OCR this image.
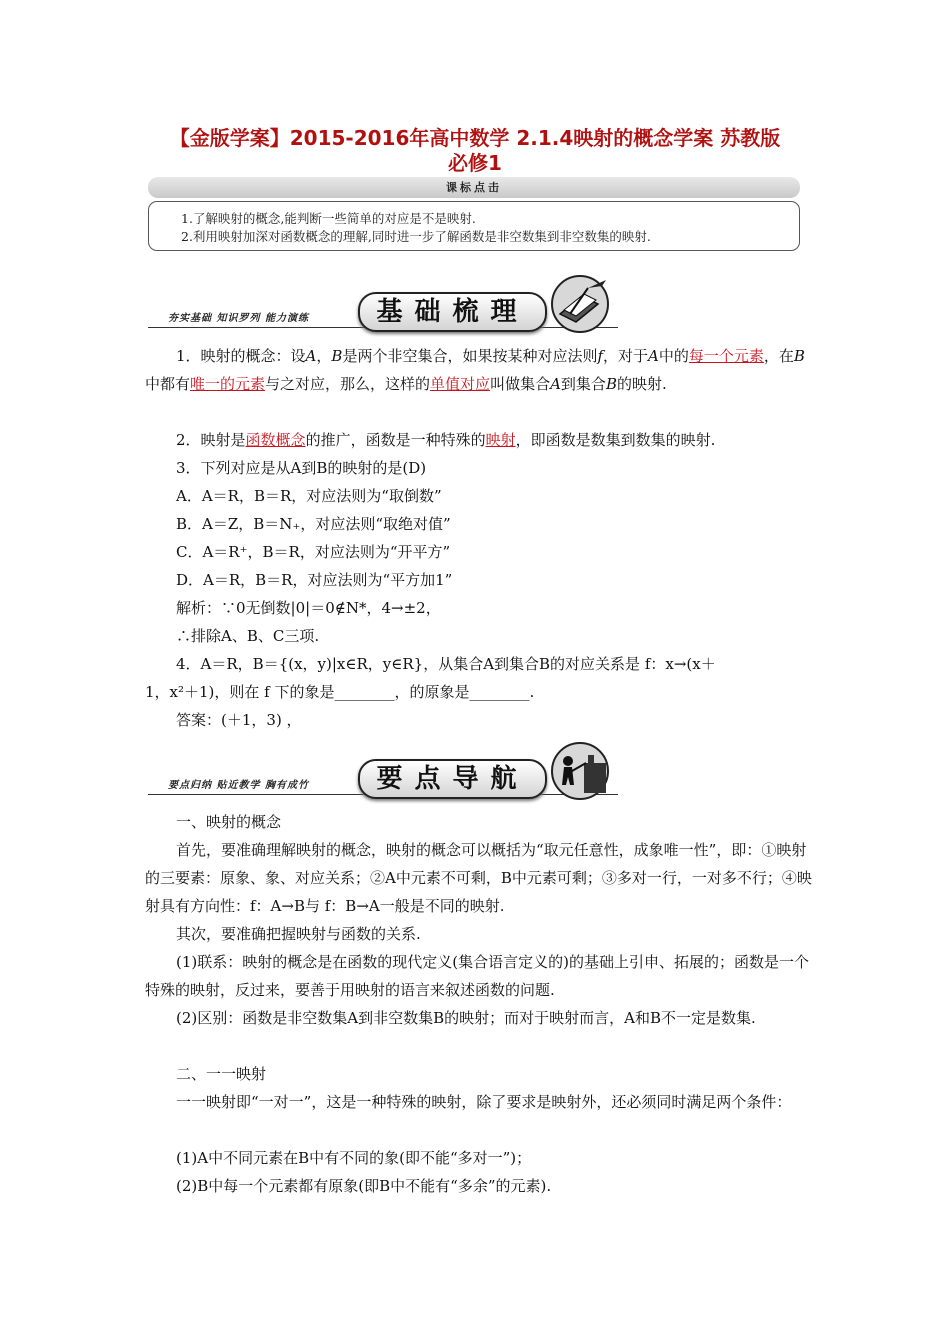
【金版学案】2015-2016年高中数学 2.1.4映射的概念学案 苏教版
必修1
课标点击
1.了解映射的概念,能判断一些简单的对应是不是映射.
2.利用映射加深对函数概念的理解,同时进一步了解函数是非空数集到非空数集的映射.
夯实基础 知识罗列 能力演练	基础梳理
1．映射的概念：设A，B是两个非空集合，如果按某种对应法则f，对于A中的每一个元素，在B中都有唯一的元素与之对应，那么，这样的单值对应叫做集合A到集合B的映射.
2．映射是函数概念的推广，函数是一种特殊的映射，即函数是数集到数集的映射.
3．下列对应是从A到B的映射的是(D)
A．A＝R，B＝R，对应法则为“取倒数”
B．A＝Z，B＝N₊，对应法则“取绝对值”
C．A＝R⁺，B＝R，对应法则为“开平方”
D．A＝R，B＝R，对应法则为“平方加1”
解析：∵0无倒数|0|＝0∉N*，4→±2，
∴排除A、B、C三项.
4．A＝R，B＝{(x，y)|x∈R，y∈R}，从集合A到集合B的对应关系是 f：x→(x＋
1，x²＋1)，则在 f 下的象是________，的原象是________.
答案：(＋1，3) ，
要点归纳 贴近教学 胸有成竹	要点导航
一、映射的概念
首先，要准确理解映射的概念，映射的概念可以概括为“取元任意性，成象唯一性”，即：①映射的三要素：原象、象、对应关系；②A中元素不可剩，B中元素可剩；③多对一行，一对多不行；④映射具有方向性：f：A→B与 f：B→A一般是不同的映射.
其次，要准确把握映射与函数的关系.
(1)联系：映射的概念是在函数的现代定义(集合语言定义的)的基础上引申、拓展的；函数是一个特殊的映射，反过来，要善于用映射的语言来叙述函数的问题.
(2)区别：函数是非空数集A到非空数集B的映射；而对于映射而言，A和B不一定是数集.
二、一一映射
一一映射即“一对一”，这是一种特殊的映射，除了要求是映射外，还必须同时满足两个条件：
(1)A中不同元素在B中有不同的象(即不能“多对一”)；
(2)B中每一个元素都有原象(即B中不能有“多余”的元素).
